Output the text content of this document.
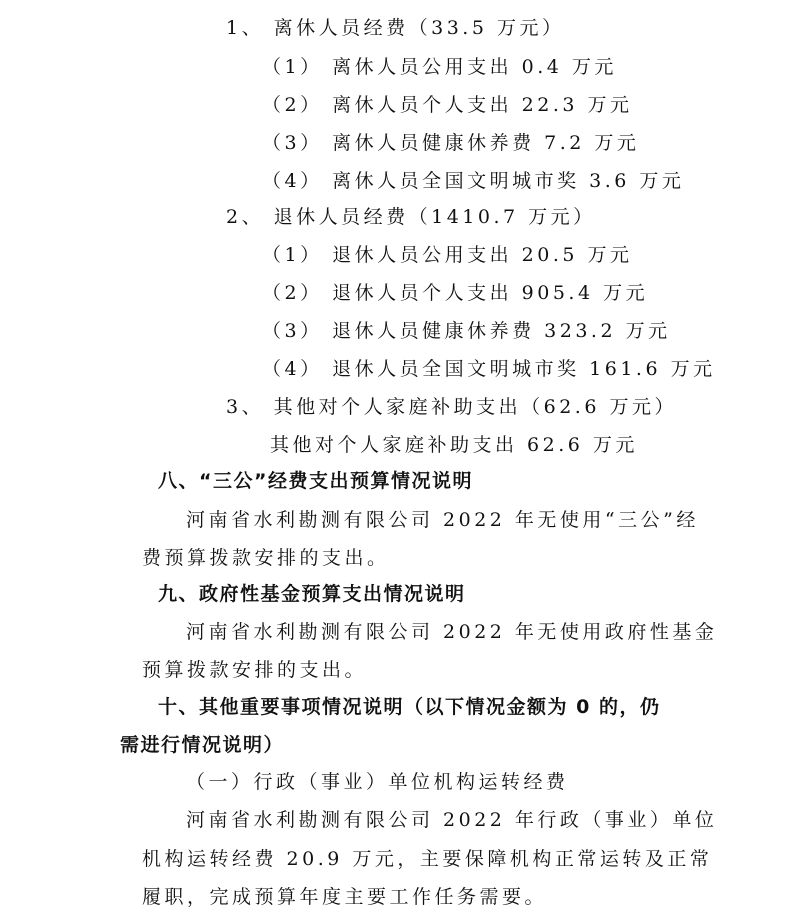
1、 离休人员经费（33.5 万元）
（1） 离休人员公用支出 0.4 万元
（2） 离休人员个人支出 22.3 万元
（3） 离休人员健康休养费 7.2 万元
（4） 离休人员全国文明城市奖 3.6 万元
2、 退休人员经费（1410.7 万元）
（1） 退休人员公用支出 20.5 万元
（2） 退休人员个人支出 905.4 万元
（3） 退休人员健康休养费 323.2 万元
（4） 退休人员全国文明城市奖 161.6 万元
3、 其他对个人家庭补助支出（62.6 万元）
其他对个人家庭补助支出 62.6 万元
八、“三公”经费支出预算情况说明
河南省水利勘测有限公司 2022 年无使用“三公”经
费预算拨款安排的支出。
九、政府性基金预算支出情况说明
河南省水利勘测有限公司 2022 年无使用政府性基金
预算拨款安排的支出。
十、其他重要事项情况说明（以下情况金额为 0 的，仍
需进行情况说明）
（一）行政（事业）单位机构运转经费
河南省水利勘测有限公司 2022 年行政（事业）单位
机构运转经费 20.9 万元，主要保障机构正常运转及正常
履职，完成预算年度主要工作任务需要。
